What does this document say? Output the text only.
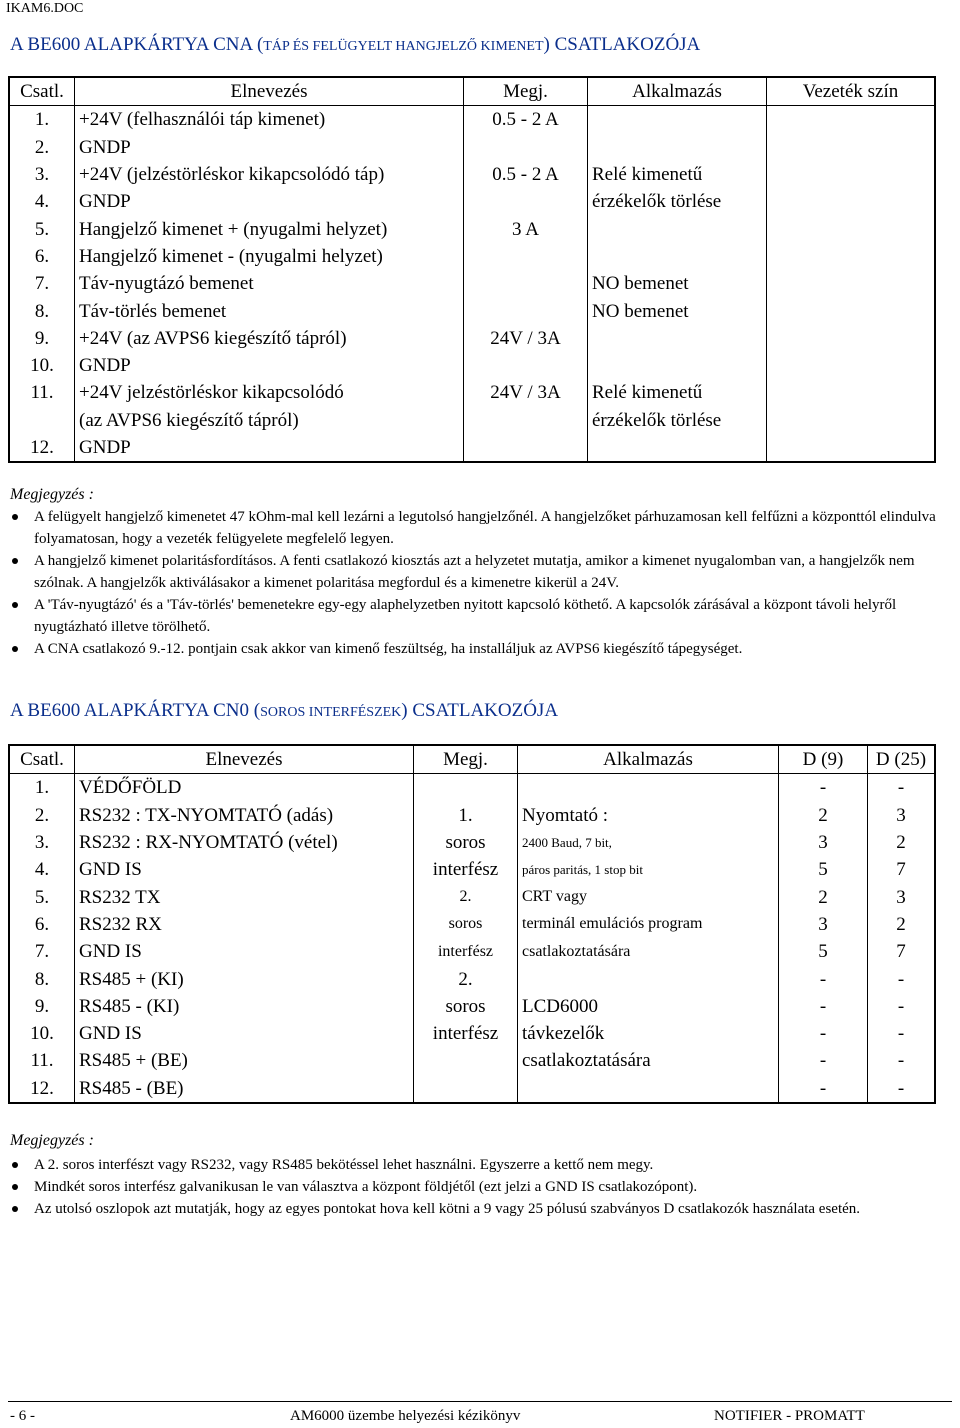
IKAM6.DOC
A BE600 ALAPKÁRTYA CNA (TÁP ÉS FELÜGYELT HANGJELZŐ KIMENET) CSATLAKOZÓJA
Csatl.	Elnevezés	Megj.	Alkalmazás	Vezeték szín
1.	+24V (felhasználói táp kimenet)	0.5 - 2 A		
2.	GNDP			
3.	+24V (jelzéstörléskor kikapcsolódó táp)	0.5 - 2 A	Relé kimenetű	
4.	GNDP		érzékelők törlése	
5.	Hangjelző kimenet + (nyugalmi helyzet)	3 A		
6.	Hangjelző kimenet - (nyugalmi helyzet)			
7.	Táv-nyugtázó bemenet		NO bemenet	
8.	Táv-törlés bemenet		NO bemenet	
9.	+24V (az AVPS6 kiegészítő tápról)	24V / 3A		
10.	GNDP			
11.	+24V jelzéstörléskor kikapcsolódó	24V / 3A	Relé kimenetű	
	(az AVPS6 kiegészítő tápról)		érzékelők törlése	
12.	GNDP			
Megjegyzés :
A felügyelt hangjelző kimenetet 47 kOhm-mal kell lezárni a legutolsó hangjelzőnél. A hangjelzőket párhuzamosan kell felfűzni a központtól elindulva folyamatosan, hogy a vezeték felügyelete megfelelő legyen.
A hangjelző kimenet polaritásfordításos. A fenti csatlakozó kiosztás azt a helyzetet mutatja, amikor a kimenet nyugalomban van, a hangjelzők nem szólnak. A hangjelzők aktiválásakor a kimenet polaritása megfordul és a kimenetre kikerül a 24V.
A 'Táv-nyugtázó' és a 'Táv-törlés' bemenetekre egy-egy alaphelyzetben nyitott kapcsoló köthető. A kapcsolók zárásával a központ távoli helyről nyugtázható illetve törölhető.
A CNA csatlakozó 9.-12. pontjain csak akkor van kimenő feszültség, ha installáljuk az AVPS6 kiegészítő tápegységet.
A BE600 ALAPKÁRTYA CN0 (SOROS INTERFÉSZEK) CSATLAKOZÓJA
Csatl.	Elnevezés	Megj.	Alkalmazás	D (9)	D (25)
1.	VÉDŐFÖLD			-	-
2.	RS232 : TX-NYOMTATÓ (adás)	1.	Nyomtató :	2	3
3.	RS232 : RX-NYOMTATÓ (vétel)	soros	2400 Baud, 7 bit,	3	2
4.	GND IS	interfész	páros paritás, 1 stop bit	5	7
5.	RS232 TX	2.	CRT vagy	2	3
6.	RS232 RX	soros	terminál emulációs program	3	2
7.	GND IS	interfész	csatlakoztatására	5	7
8.	RS485 + (KI)	2.		-	-
9.	RS485 - (KI)	soros	LCD6000	-	-
10.	GND IS	interfész	távkezelők	-	-
11.	RS485 + (BE)		csatlakoztatására	-	-
12.	RS485 - (BE)			-	-
Megjegyzés :
A 2. soros interfészt vagy RS232, vagy RS485 bekötéssel lehet használni. Egyszerre a kettő nem megy.
Mindkét soros interfész galvanikusan le van választva a központ földjétől (ezt jelzi a GND IS csatlakozópont).
Az utolsó oszlopok azt mutatják, hogy az egyes pontokat hova kell kötni a 9 vagy 25 pólusú szabványos D csatlakozók használata esetén.
- 6 -	AM6000 üzembe helyezési kézikönyv	NOTIFIER - PROMATT
